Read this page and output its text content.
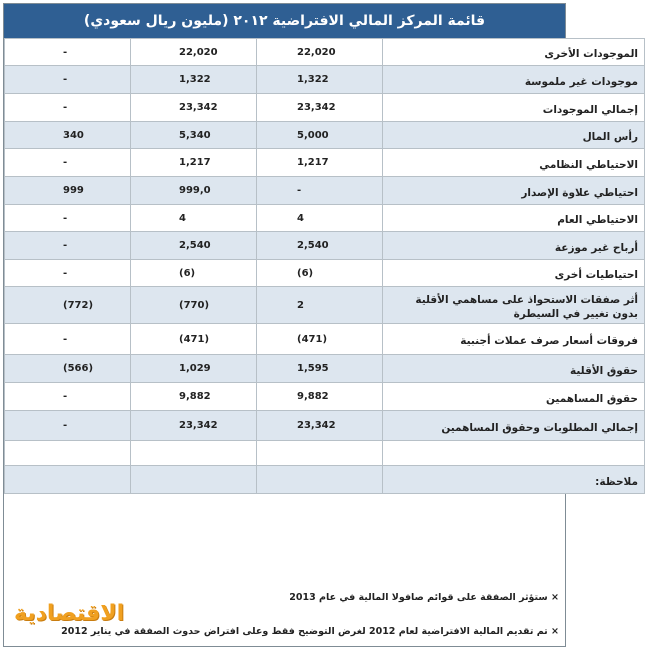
قائمة المركز المالي الافتراضية ٢٠١٢ (مليون ريال سعودي)
الموجودات الأخرى	22,020	22,020	-
موجودات غير ملموسة	1,322	1,322	-
إجمالي الموجودات	23,342	23,342	-
رأس المال	5,000	5,340	340
الاحتياطي النظامي	1,217	1,217	-
احتياطي علاوة الإصدار	-	999,0	999
الاحتياطي العام	4	4	-
أرباح غير موزعة	2,540	2,540	-
احتياطيات أخرى	(6)	(6)	-
أثر صفقات الاستحواذ على مساهمي الأقلية بدون تغيير في السيطرة	2	(770)	(772)
فروقات أسعار صرف عملات أجنبية	(471)	(471)	-
حقوق الأقلية	1,595	1,029	(566)
حقوق المساهمين	9,882	9,882	-
إجمالي المطلوبات وحقوق المساهمين	23,342	23,342	-

ملاحظة:			
× ستؤثر الصفقة على قوائم صافولا المالية في عام 2013
الاقتصادية
× تم تقديم المالية الافتراضية لعام 2012 لغرض التوضيح فقط وعلى افتراض حدوث الصفقة في يناير 2012
